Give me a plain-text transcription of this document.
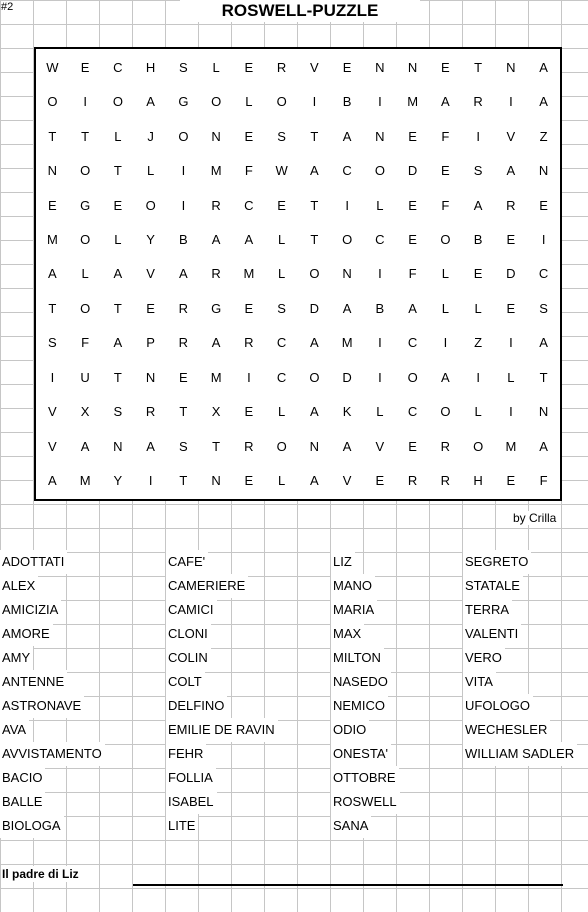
#2	ROSWELL-PUZZLE
W	E	C	H	S	L	E	R	V	E	N	N	E	T	N	A
O	I	O	A	G	O	L	O	I	B	I	M	A	R	I	A
T	T	L	J	O	N	E	S	T	A	N	E	F	I	V	Z
N	O	T	L	I	M	F	W	A	C	O	D	E	S	A	N
E	G	E	O	I	R	C	E	T	I	L	E	F	A	R	E
M	O	L	Y	B	A	A	L	T	O	C	E	O	B	E	I
A	L	A	V	A	R	M	L	O	N	I	F	L	E	D	C
T	O	T	E	R	G	E	S	D	A	B	A	L	L	E	S
S	F	A	P	R	A	R	C	A	M	I	C	I	Z	I	A
I	U	T	N	E	M	I	C	O	D	I	O	A	I	L	T
V	X	S	R	T	X	E	L	A	K	L	C	O	L	I	N
V	A	N	A	S	T	R	O	N	A	V	E	R	O	M	A
A	M	Y	I	T	N	E	L	A	V	E	R	R	H	E	F
by Crilla
ADOTTATI
ALEX
AMICIZIA
AMORE
AMY
ANTENNE
ASTRONAVE
AVA
AVVISTAMENTO
BACIO
BALLE
BIOLOGA
CAFE'
CAMERIERE
CAMICI
CLONI
COLIN
COLT
DELFINO
EMILIE DE RAVIN
FEHR
FOLLIA
ISABEL
LITE
LIZ
MANO
MARIA
MAX
MILTON
NASEDO
NEMICO
ODIO
ONESTA'
OTTOBRE
ROSWELL
SANA
SEGRETO
STATALE
TERRA
VALENTI
VERO
VITA
UFOLOGO
WECHESLER
WILLIAM SADLER
Il padre di Liz
